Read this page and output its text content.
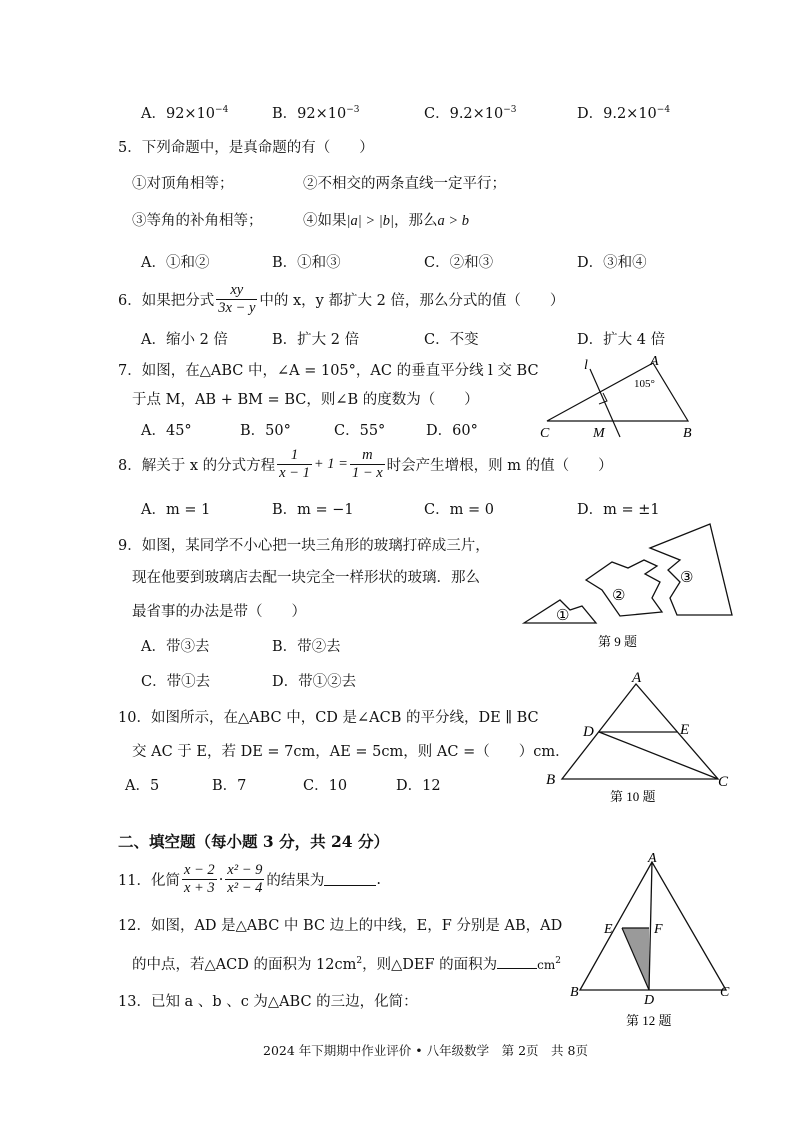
A．$92\times 10^{-4}$	B．$92\times 10^{-3}$	C．$9.2\times 10^{-3}$	D．$9.2\times 10^{-4}$
5．下列命题中，是真命题的有（　　）
①对顶角相等；	②不相交的两条直线一定平行；
③等角的补角相等；	④如果|a| > |b|，那么a > b
A．①和②	B．①和③	C．②和③	D．③和④
6．如果把分式 $\frac{xy}{3x - y}$ 中的 x，y 都扩大 2 倍，那么分式的值（　　）
A．缩小 2 倍	B．扩大 2 倍	C．不变	D．扩大 4 倍
7．如图，在△ABC 中，∠A = 105°，AC 的垂直平分线 l 交 BC
于点 M，AB + BM = BC，则∠B 的度数为（　　）
A．45°	B．50°	C．55°	D．60°
A
105°
l
C	M	B
8．解关于 x 的分式方程 $\frac{1}{x - 1} + 1 = \frac{m}{1 - x}$ 时会产生增根，则 m 的值（　　）
A．m = 1	B．m = −1	C．m = 0	D．m = ±1
9．如图，某同学不小心把一块三角形的玻璃打碎成三片，
现在他要到玻璃店去配一块完全一样形状的玻璃．那么
最省事的办法是带（　　）
A．带③去	B．带②去
C．带①去	D．带①②去
①
②
③
第 9 题
10．如图所示，在△ABC 中，CD 是∠ACB 的平分线，DE ∥ BC
交 AC 于 E，若 DE = 7cm，AE = 5cm，则 AC =（　　）cm．
A．5	B．7	C．10	D．12
A
D	E
B	C
第 10 题
二、填空题（每小题 3 分，共 24 分）
11．化简 $\frac{x - 2}{x + 3} \cdot \frac{\text{x² − 9}}{\text{x² − 4}}$ 的结果为	.
12．如图，AD 是△ABC 中 BC 边上的中线，E，F 分别是 AB，AD
的中点，若△ACD 的面积为 $12cm^2$，则△DEF 的面积为	$cm^2$
A
E	F
B
D
C
第 12 题
13．已知 a 、b 、c 为△ABC 的三边，化简：
2024 年下期期中作业评价 • 八年级数学　第 2页　共 8页
